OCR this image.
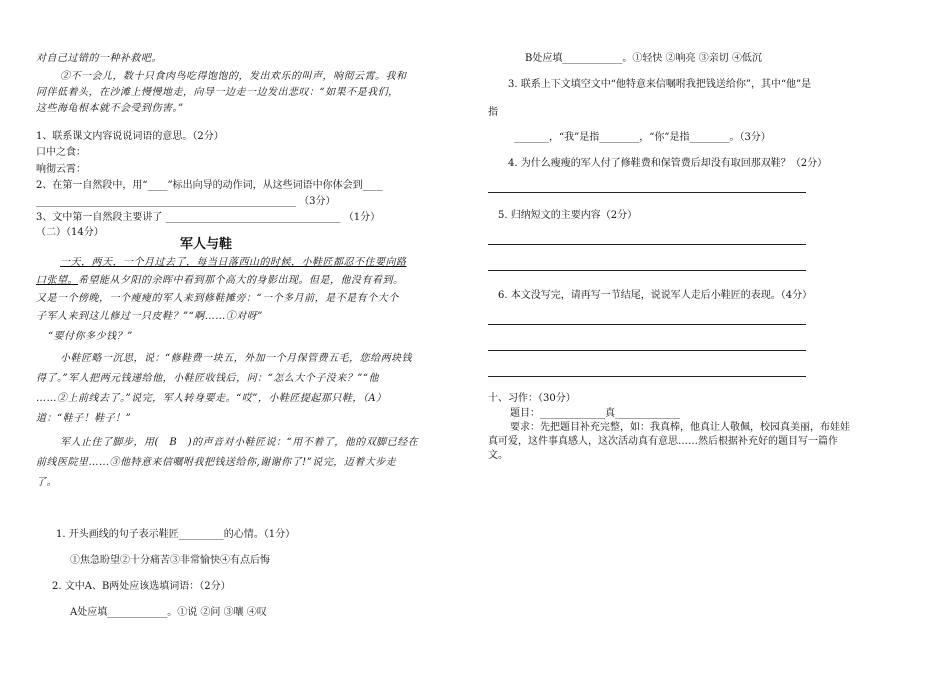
对自己过错的一种补救吧。
②不一会儿，数十只食肉鸟吃得饱饱的，发出欢乐的叫声，响彻云霄。我和
同伴低着头，在沙滩上慢慢地走，向导一边走一边发出悲叹：“如果不是我们，
这些海龟根本就不会受到伤害。”
1、联系课文内容说说词语的意思。（2分）
口中之食：
响彻云霄：
2、在第一自然段中，用“____”标出向导的动作词，从这些词语中你体会到____
____________________________________________________ （3分）
3、文中第一自然段主要讲了 ___________________________________ （1分）
（二）（14分）
军人与鞋
一天，两天，一个月过去了，每当日落西山的时候，小鞋匠都忍不住要向路
口张望。希望能从夕阳的余晖中看到那个高大的身影出现。但是，他没有看到。
又是一个傍晚，一个瘦瘦的军人来到修鞋摊旁：“一个多月前，是不是有个大个
子军人来到这儿修过一只皮鞋？”“啊……①对呀”
“要付你多少钱？”
小鞋匠略一沉思，说：“修鞋费一块五，外加一个月保管费五毛，您给两块钱
得了。”军人把两元钱递给他，小鞋匠收钱后，问：“怎么大个子没来？”“他
……②上前线去了。”说完，军人转身要走。“哎”，小鞋匠提起那只鞋，（A）
道：“鞋子！鞋子！”
军人止住了脚步，用(　B　)的声音对小鞋匠说：“用不着了，他的双脚已经在
前线医院里……③他特意来信嘱咐我把钱送给你,谢谢你了!”说完，迈着大步走
了。
1. 开头画线的句子表示鞋匠_________的心情。（1分）
①焦急盼望②十分痛苦③非常愉快④有点后悔
2. 文中A、B两处应该选填词语：（2分）
A处应填____________。①说 ②问 ③嚷 ④叹
B处应填____________。①轻快 ②响亮 ③亲切 ④低沉
3. 联系上下文填空文中“他特意来信嘱咐我把钱送给你”，其中“他”是
指
_______，“我”是指________，“你”是指________。（3分）
4. 为什么瘦瘦的军人付了修鞋费和保管费后却没有取回那双鞋？（2分）
5. 归纳短文的主要内容（2分）
6. 本文没写完，请再写一节结尾，说说军人走后小鞋匠的表现。（4分）
十、习作：（30分）
题目：_____________真_____________
要求：先把题目补充完整，如：我真棒，他真让人敬佩，校园真美丽，布娃娃
真可爱，这件事真感人，这次活动真有意思……然后根据补充好的题目写一篇作
文。
